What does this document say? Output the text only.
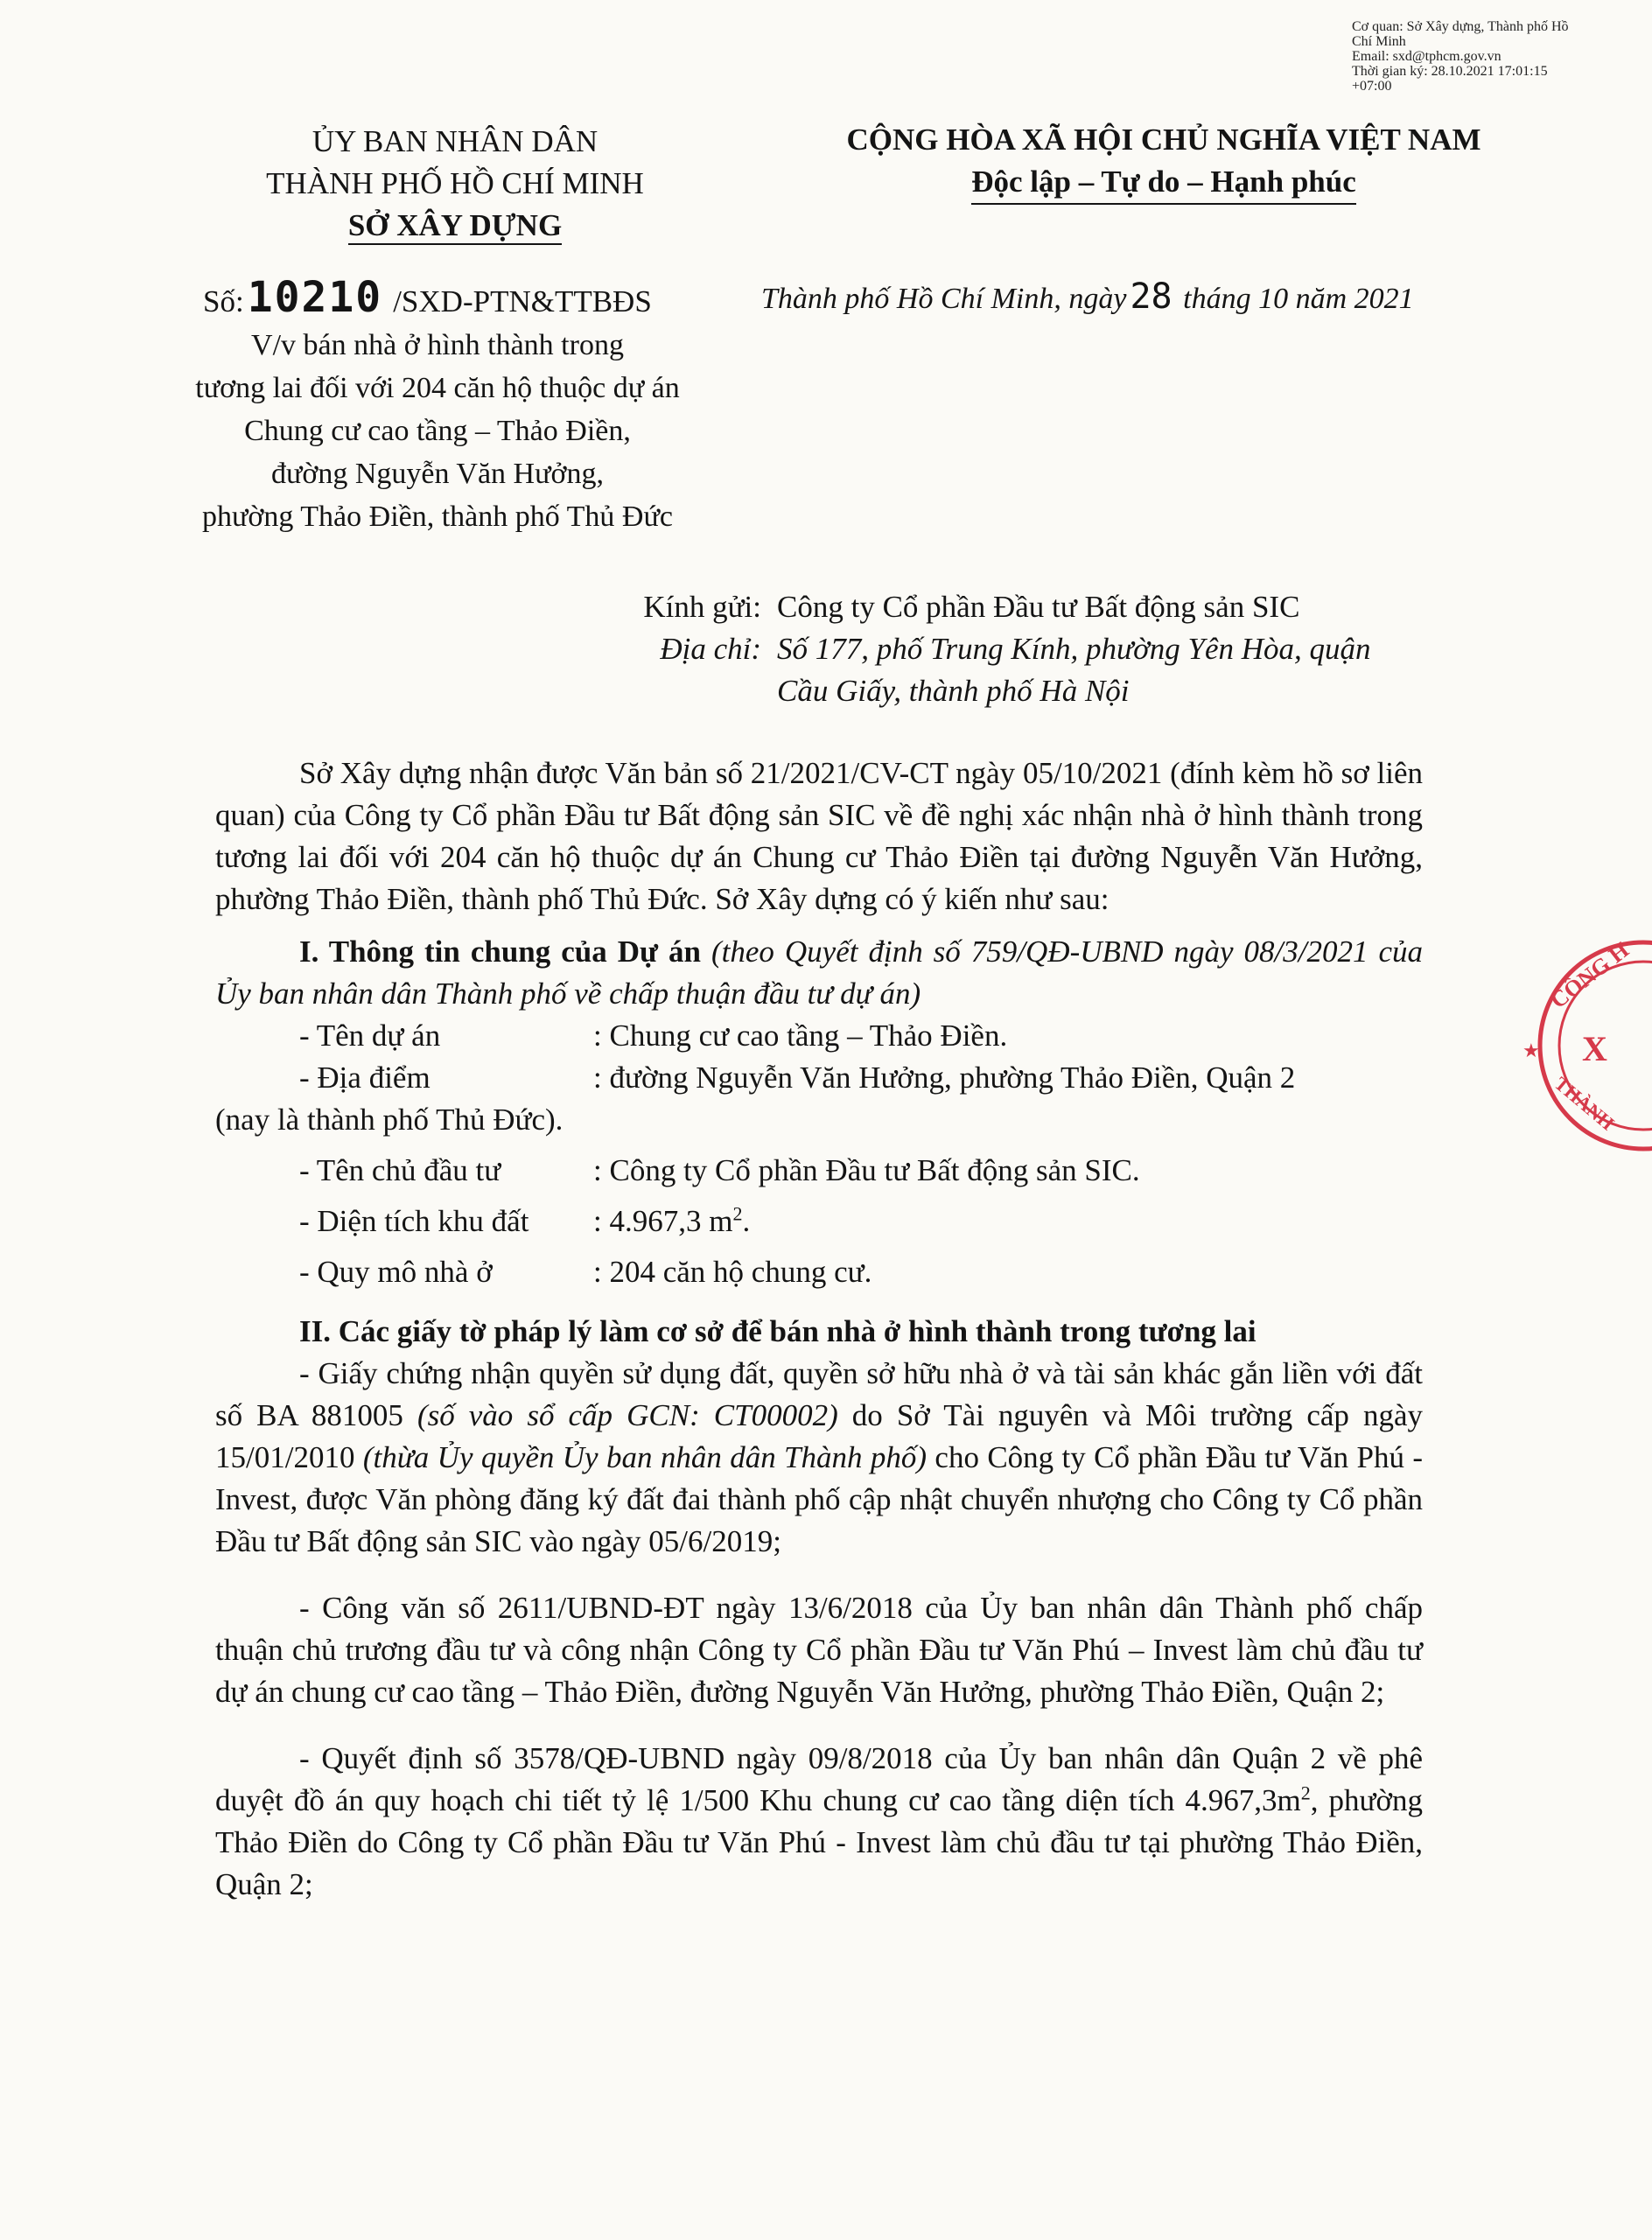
Cơ quan: Sở Xây dựng, Thành phố Hồ Chí Minh
Email: sxd@tphcm.gov.vn
Thời gian ký: 28.10.2021 17:01:15 +07:00
ỦY BAN NHÂN DÂN
THÀNH PHỐ HỒ CHÍ MINH
SỞ XÂY DỰNG
CỘNG HÒA XÃ HỘI CHỦ NGHĨA VIỆT NAM
Độc lập – Tự do – Hạnh phúc
Số:10210 /SXD-PTN&TTBĐS	Thành phố Hồ Chí Minh, ngày 28 tháng 10 năm 2021
V/v bán nhà ở hình thành trong
tương lai đối với 204 căn hộ thuộc dự án
Chung cư cao tầng – Thảo Điền,
đường Nguyễn Văn Hưởng,
phường Thảo Điền, thành phố Thủ Đức
Kính gửi: Công ty Cổ phần Đầu tư Bất động sản SIC
Địa chỉ: Số 177, phố Trung Kính, phường Yên Hòa, quận
Cầu Giấy, thành phố Hà Nội

Sở Xây dựng nhận được Văn bản số 21/2021/CV-CT ngày 05/10/2021 (đính kèm hồ sơ liên quan) của Công ty Cổ phần Đầu tư Bất động sản SIC về đề nghị xác nhận nhà ở hình thành trong tương lai đối với 204 căn hộ thuộc dự án Chung cư Thảo Điền tại đường Nguyễn Văn Hưởng, phường Thảo Điền, thành phố Thủ Đức. Sở Xây dựng có ý kiến như sau:

I. Thông tin chung của Dự án (theo Quyết định số 759/QĐ-UBND ngày 08/3/2021 của Ủy ban nhân dân Thành phố về chấp thuận đầu tư dự án)

- Tên dự án	: Chung cư cao tầng – Thảo Điền.
- Địa điểm	: đường Nguyễn Văn Hưởng, phường Thảo Điền, Quận 2
(nay là thành phố Thủ Đức).
- Tên chủ đầu tư	: Công ty Cổ phần Đầu tư Bất động sản SIC.
- Diện tích khu đất	: 4.967,3 $m^2$.
- Quy mô nhà ở	: 204 căn hộ chung cư.

II. Các giấy tờ pháp lý làm cơ sở để bán nhà ở hình thành trong tương lai

- Giấy chứng nhận quyền sử dụng đất, quyền sở hữu nhà ở và tài sản khác gắn liền với đất số BA 881005 (số vào sổ cấp GCN: CT00002) do Sở Tài nguyên và Môi trường cấp ngày 15/01/2010 (thừa Ủy quyền Ủy ban nhân dân Thành phố) cho Công ty Cổ phần Đầu tư Văn Phú - Invest, được Văn phòng đăng ký đất đai thành phố cập nhật chuyển nhượng cho Công ty Cổ phần Đầu tư Bất động sản SIC vào ngày 05/6/2019;

- Công văn số 2611/UBND-ĐT ngày 13/6/2018 của Ủy ban nhân dân Thành phố chấp thuận chủ trương đầu tư và công nhận Công ty Cổ phần Đầu tư Văn Phú – Invest làm chủ đầu tư dự án chung cư cao tầng – Thảo Điền, đường Nguyễn Văn Hưởng, phường Thảo Điền, Quận 2;

- Quyết định số 3578/QĐ-UBND ngày 09/8/2018 của Ủy ban nhân dân Quận 2 về phê duyệt đồ án quy hoạch chi tiết tỷ lệ 1/500 Khu chung cư cao tầng diện tích $4.967,3m^2$, phường Thảo Điền do Công ty Cổ phần Đầu tư Văn Phú - Invest làm chủ đầu tư tại phường Thảo Điền, Quận 2;

CÔNG H
★ X
THÀNH
